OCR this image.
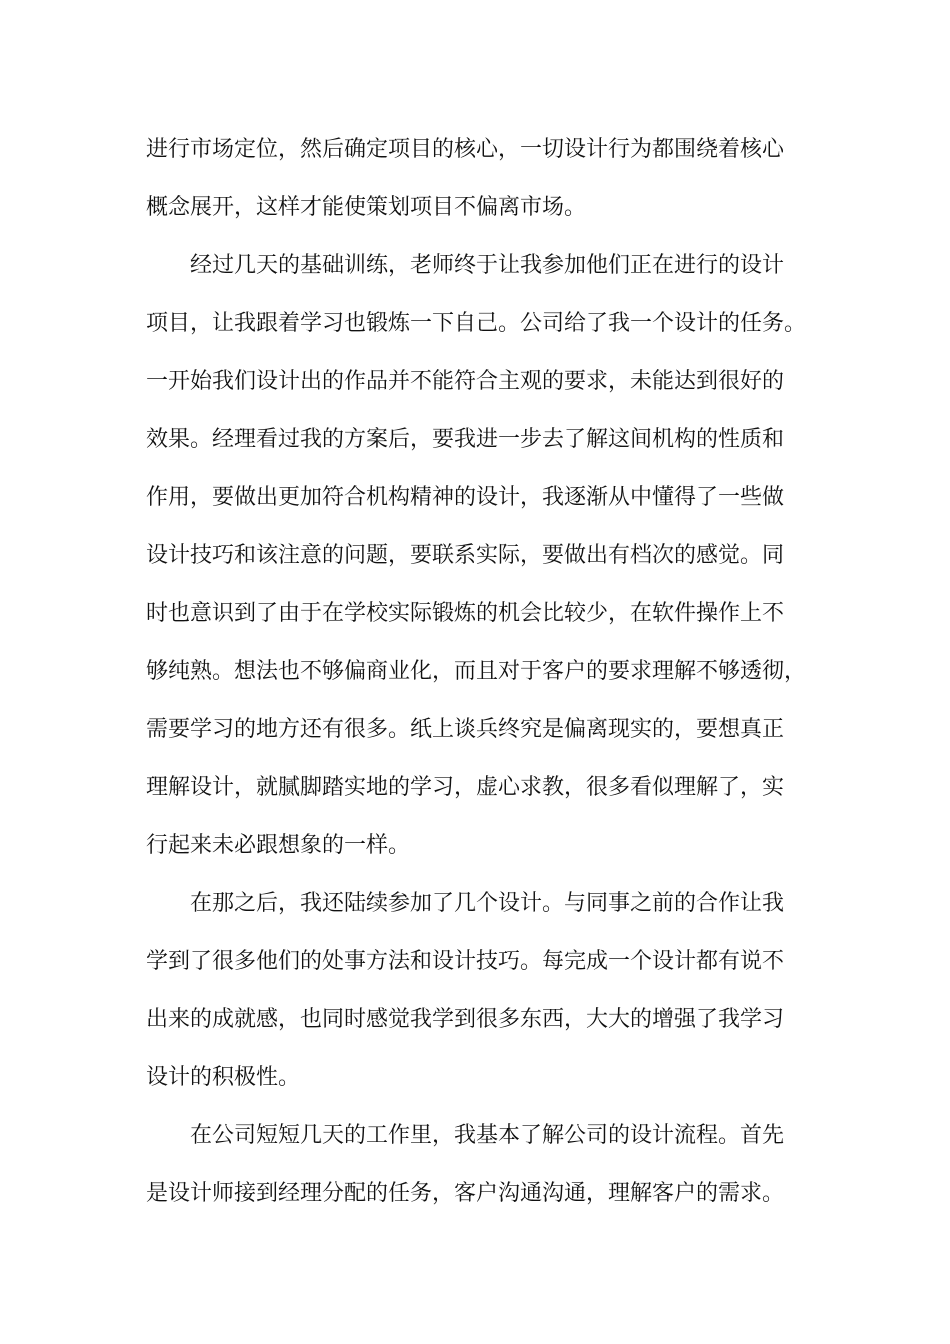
进行市场定位，然后确定项目的核心，一切设计行为都围绕着核心
概念展开，这样才能使策划项目不偏离市场。
经过几天的基础训练，老师终于让我参加他们正在进行的设计
项目，让我跟着学习也锻炼一下自己。公司给了我一个设计的任务。
一开始我们设计出的作品并不能符合主观的要求，未能达到很好的
效果。经理看过我的方案后，要我进一步去了解这间机构的性质和
作用，要做出更加符合机构精神的设计，我逐渐从中懂得了一些做
设计技巧和该注意的问题，要联系实际，要做出有档次的感觉。同
时也意识到了由于在学校实际锻炼的机会比较少，在软件操作上不
够纯熟。想法也不够偏商业化，而且对于客户的要求理解不够透彻，
需要学习的地方还有很多。纸上谈兵终究是偏离现实的，要想真正
理解设计，就腻脚踏实地的学习，虚心求教，很多看似理解了，实
行起来未必跟想象的一样。
在那之后，我还陆续参加了几个设计。与同事之前的合作让我
学到了很多他们的处事方法和设计技巧。每完成一个设计都有说不
出来的成就感，也同时感觉我学到很多东西，大大的增强了我学习
设计的积极性。
在公司短短几天的工作里，我基本了解公司的设计流程。首先
是设计师接到经理分配的任务，客户沟通沟通，理解客户的需求。
